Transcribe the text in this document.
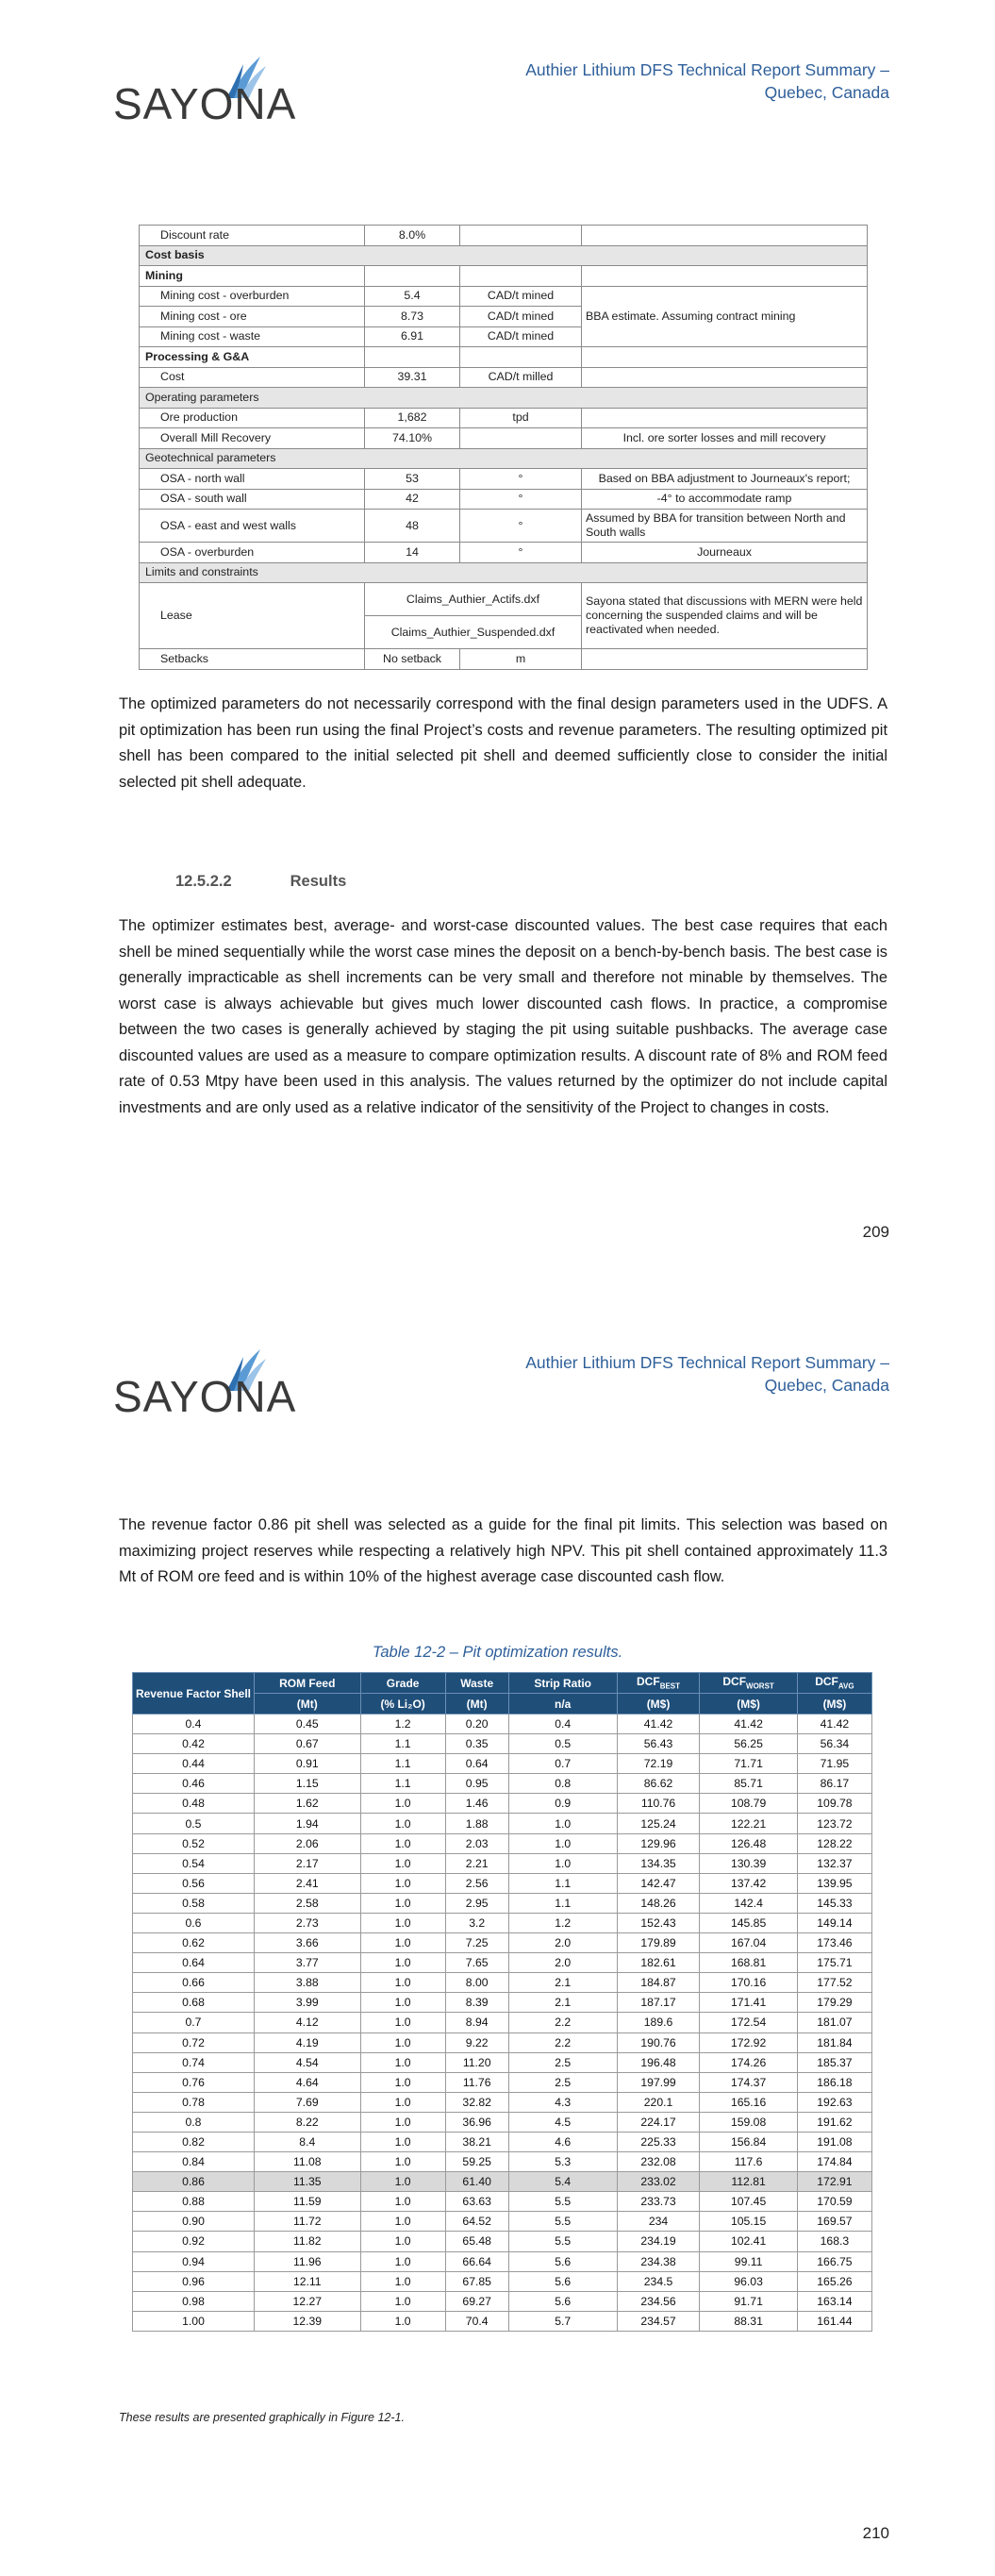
SAYONA
Authier Lithium DFS Technical Report Summary –
Quebec, Canada
Discount rate	8.0%		
Cost basis			
Mining			
Mining cost - overburden	5.4	CAD/t mined	BBA estimate. Assuming contract mining
Mining cost - ore	8.73	CAD/t mined	
Mining cost - waste	6.91	CAD/t mined	
Processing & G&A			
Cost	39.31	CAD/t milled	
Operating parameters			
Ore production	1,682	tpd	
Overall Mill Recovery	74.10%		Incl. ore sorter losses and mill recovery
Geotechnical parameters			
OSA - north wall	53	°	Based on BBA adjustment to Journeaux's report;
OSA - south wall	42	°	-4° to accommodate ramp
OSA - east and west walls	48	°	Assumed by BBA for transition between North and South walls
OSA - overburden	14	°	Journeaux
Limits and constraints			
Lease	Claims_Authier_Actifs.dxf		Sayona stated that discussions with MERN were held concerning the suspended claims and will be reactivated when needed.
	Claims_Authier_Suspended.dxf		
Setbacks	No setback	m	

The optimized parameters do not necessarily correspond with the final design parameters used in the UDFS. A pit optimization has been run using the final Project’s costs and revenue parameters. The resulting optimized pit shell has been compared to the initial selected pit shell and deemed sufficiently close to consider the initial selected pit shell adequate.

12.5.2.2	Results

The optimizer estimates best, average- and worst-case discounted values. The best case requires that each shell be mined sequentially while the worst case mines the deposit on a bench-by-bench basis. The best case is generally impracticable as shell increments can be very small and therefore not minable by themselves. The worst case is always achievable but gives much lower discounted cash flows. In practice, a compromise between the two cases is generally achieved by staging the pit using suitable pushbacks. The average case discounted values are used as a measure to compare optimization results. A discount rate of 8% and ROM feed rate of 0.53 Mtpy have been used in this analysis. The values returned by the optimizer do not include capital investments and are only used as a relative indicator of the sensitivity of the Project to changes in costs.

209
SAYONA
Authier Lithium DFS Technical Report Summary –
Quebec, Canada

The revenue factor 0.86 pit shell was selected as a guide for the final pit limits. This selection was based on maximizing project reserves while respecting a relatively high NPV. This pit shell contained approximately 11.3 Mt of ROM ore feed and is within 10% of the highest average case discounted cash flow.

Table 12-2 – Pit optimization results.
Revenue Factor Shell	ROM Feed	Grade	Waste	Strip Ratio	$DCF_{BEST}$	$DCF_{WORST}$	$DCF_{AVG}$
	(Mt)	(% Li₂O)	(Mt)	n/a	(M$)	(M$)	(M$)
0.4	0.45	1.2	0.20	0.4	41.42	41.42	41.42
0.42	0.67	1.1	0.35	0.5	56.43	56.25	56.34
0.44	0.91	1.1	0.64	0.7	72.19	71.71	71.95
0.46	1.15	1.1	0.95	0.8	86.62	85.71	86.17
0.48	1.62	1.0	1.46	0.9	110.76	108.79	109.78
0.5	1.94	1.0	1.88	1.0	125.24	122.21	123.72
0.52	2.06	1.0	2.03	1.0	129.96	126.48	128.22
0.54	2.17	1.0	2.21	1.0	134.35	130.39	132.37
0.56	2.41	1.0	2.56	1.1	142.47	137.42	139.95
0.58	2.58	1.0	2.95	1.1	148.26	142.4	145.33
0.6	2.73	1.0	3.2	1.2	152.43	145.85	149.14
0.62	3.66	1.0	7.25	2.0	179.89	167.04	173.46
0.64	3.77	1.0	7.65	2.0	182.61	168.81	175.71
0.66	3.88	1.0	8.00	2.1	184.87	170.16	177.52
0.68	3.99	1.0	8.39	2.1	187.17	171.41	179.29
0.7	4.12	1.0	8.94	2.2	189.6	172.54	181.07
0.72	4.19	1.0	9.22	2.2	190.76	172.92	181.84
0.74	4.54	1.0	11.20	2.5	196.48	174.26	185.37
0.76	4.64	1.0	11.76	2.5	197.99	174.37	186.18
0.78	7.69	1.0	32.82	4.3	220.1	165.16	192.63
0.8	8.22	1.0	36.96	4.5	224.17	159.08	191.62
0.82	8.4	1.0	38.21	4.6	225.33	156.84	191.08
0.84	11.08	1.0	59.25	5.3	232.08	117.6	174.84
0.86	11.35	1.0	61.40	5.4	233.02	112.81	172.91
0.88	11.59	1.0	63.63	5.5	233.73	107.45	170.59
0.90	11.72	1.0	64.52	5.5	234	105.15	169.57
0.92	11.82	1.0	65.48	5.5	234.19	102.41	168.3
0.94	11.96	1.0	66.64	5.6	234.38	99.11	166.75
0.96	12.11	1.0	67.85	5.6	234.5	96.03	165.26
0.98	12.27	1.0	69.27	5.6	234.56	91.71	163.14
1.00	12.39	1.0	70.4	5.7	234.57	88.31	161.44
These results are presented graphically in Figure 12-1.
210
